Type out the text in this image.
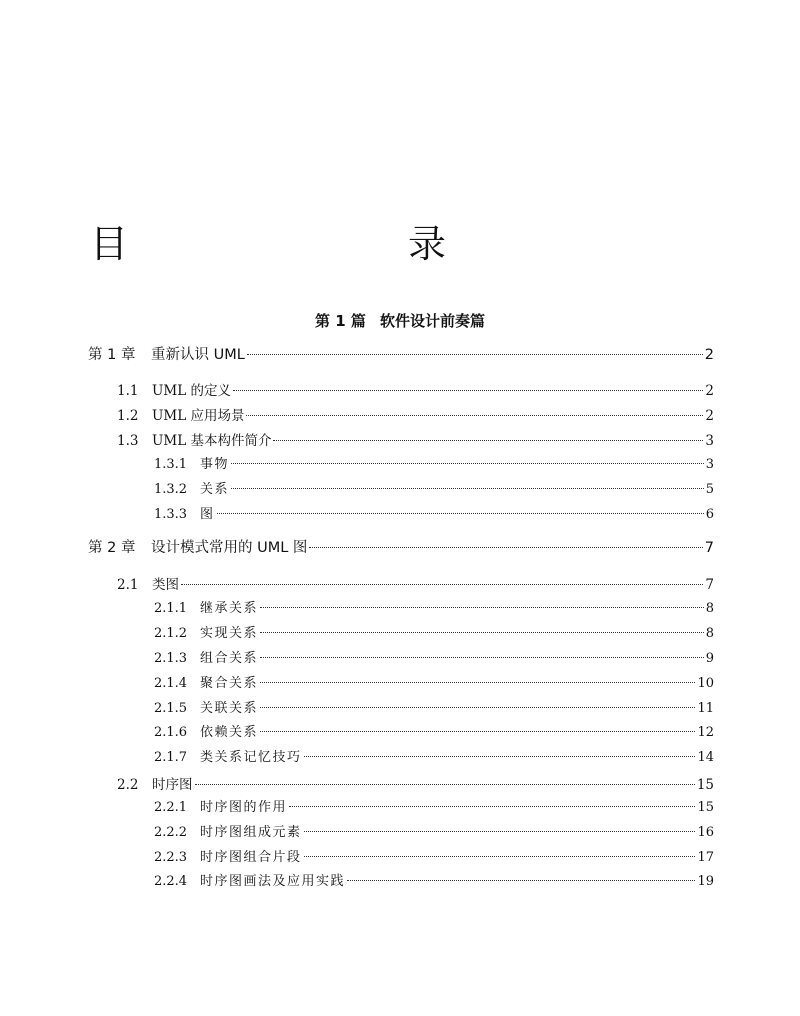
目　　录
第 1 篇 软件设计前奏篇
第 1 章	重新认识 UML	2
1.1	UML 的定义	2
1.2	UML 应用场景	2
1.3	UML 基本构件简介	3
1.3.1 事物	3
1.3.2 关系	5
1.3.3 图	6
第 2 章	设计模式常用的 UML 图	7
2.1	类图	7
2.1.1 继承关系	8
2.1.2 实现关系	8
2.1.3 组合关系	9
2.1.4 聚合关系	10
2.1.5 关联关系	11
2.1.6 依赖关系	12
2.1.7 类关系记忆技巧	14
2.2	时序图	15
2.2.1 时序图的作用	15
2.2.2 时序图组成元素	16
2.2.3 时序图组合片段	17
2.2.4 时序图画法及应用实践	19
